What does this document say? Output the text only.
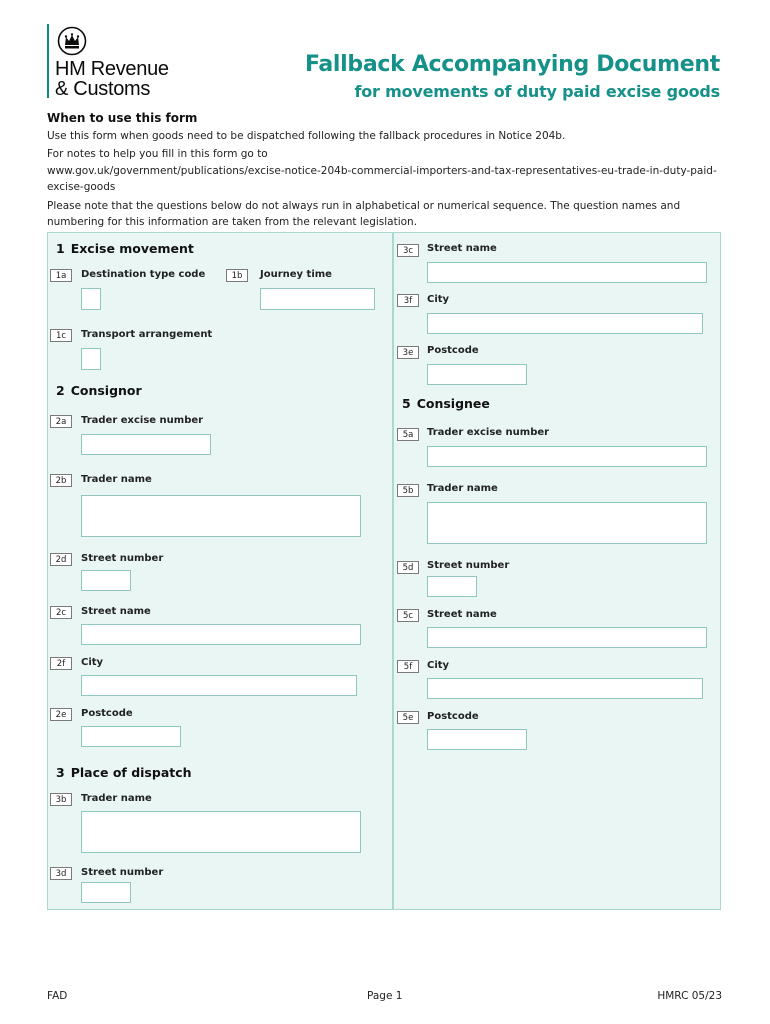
HM Revenue
& Customs
Fallback Accompanying Document
for movements of duty paid excise goods
When to use this form

Use this form when goods need to be dispatched following the fallback procedures in Notice 204b.

For notes to help you fill in this form go to

www.gov.uk/government/publications/excise-notice-204b-commercial-importers-and-tax-representatives-eu-trade-in-duty-paid-excise-goods

Please note that the questions below do not always run in alphabetical or numerical sequence. The question names and numbering for this information are taken from the relevant legislation.

1 Excise movement
1a	Destination type code	1b	Journey time
1c	Transport arrangement
2 Consignor
2a	Trader excise number
2b	Trader name
2d	Street number
2c	Street name
2f	City
2e	Postcode
3 Place of dispatch
3b	Trader name
3d	Street number
3c	Street name
3f	City
3e	Postcode
5 Consignee
5a	Trader excise number
5b	Trader name
5d	Street number
5c	Street name
5f	City
5e	Postcode
FAD	Page 1	HMRC 05/23
